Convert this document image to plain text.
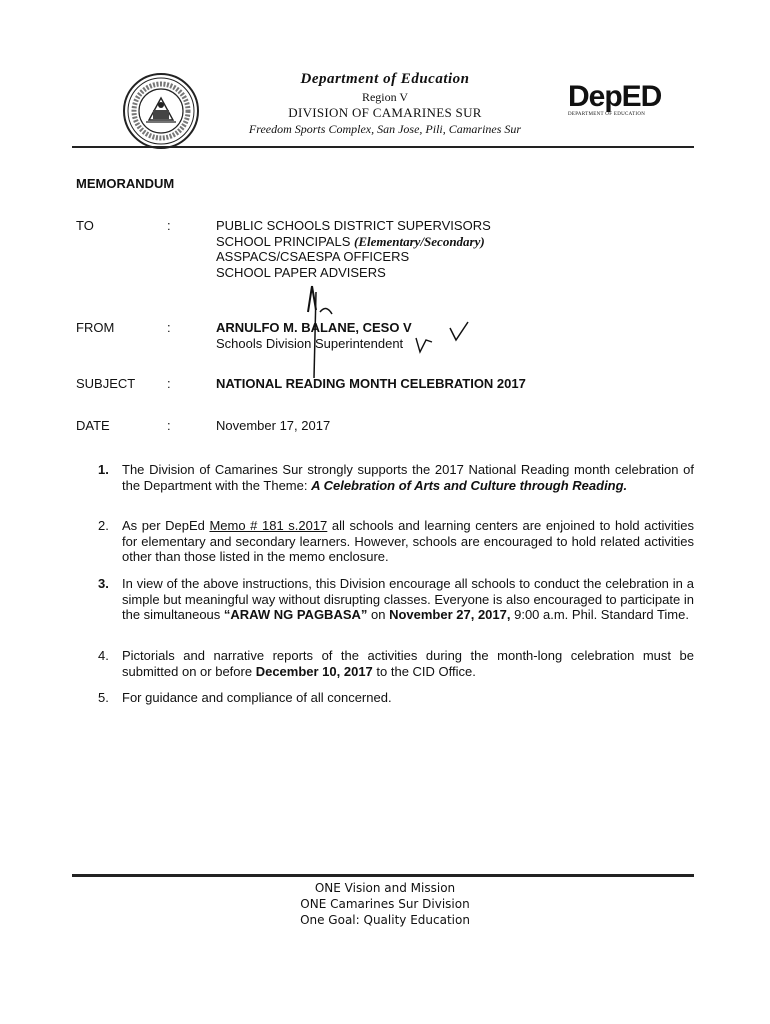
Department of Education
Region V
DIVISION OF CAMARINES SUR
Freedom Sports Complex, San Jose, Pili, Camarines Sur
DepED
DEPARTMENT OF EDUCATION
MEMORANDUM
TO	:	PUBLIC SCHOOLS DISTRICT SUPERVISORS
SCHOOL PRINCIPALS (Elementary/Secondary)
ASSPACS/CSAESPA OFFICERS
SCHOOL PAPER ADVISERS
FROM	:	ARNULFO M. BALANE, CESO V
Schools Division Superintendent
SUBJECT :	NATIONAL READING MONTH CELEBRATION 2017
DATE	:	November 17, 2017
1.	The Division of Camarines Sur strongly supports the 2017 National Reading month celebration of the Department with the Theme: A Celebration of Arts and Culture through Reading.
2.	As per DepEd Memo # 181 s.2017 all schools and learning centers are enjoined to hold activities for elementary and secondary learners. However, schools are encouraged to hold related activities other than those listed in the memo enclosure.
3.	In view of the above instructions, this Division encourage all schools to conduct the celebration in a simple but meaningful way without disrupting classes. Everyone is also encouraged to participate in the simultaneous “ARAW NG PAGBASA” on November 27, 2017, 9:00 a.m. Phil. Standard Time.
4.	Pictorials and narrative reports of the activities during the month-long celebration must be submitted on or before December 10, 2017 to the CID Office.
5.	For guidance and compliance of all concerned.
ONE Vision and Mission
ONE Camarines Sur Division
One Goal: Quality Education
